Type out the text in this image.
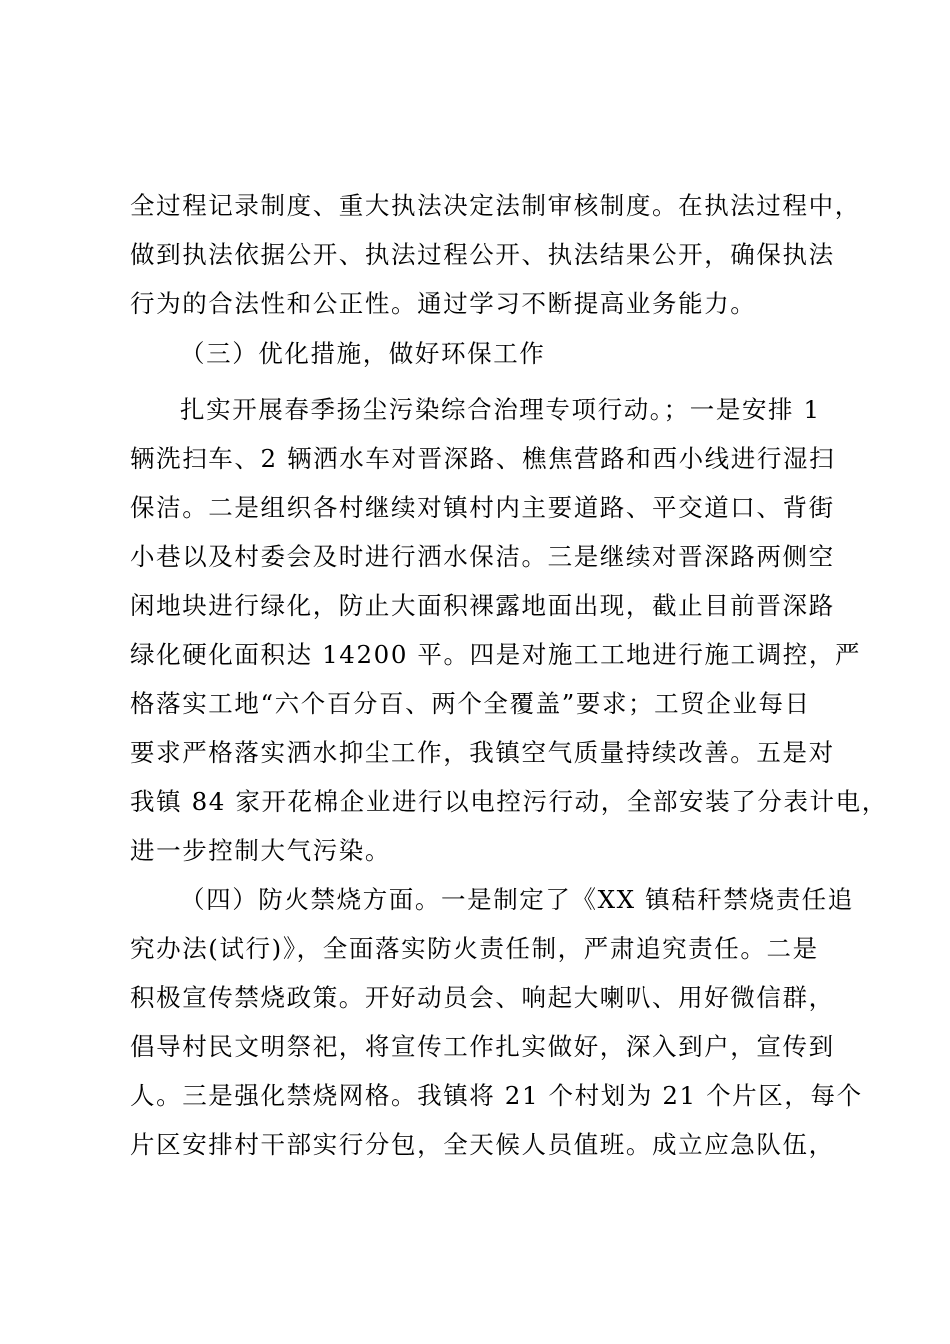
全过程记录制度、重大执法决定法制审核制度。在执法过程中，
做到执法依据公开、执法过程公开、执法结果公开，确保执法
行为的合法性和公正性。通过学习不断提高业务能力。
（三）优化措施，做好环保工作
扎实开展春季扬尘污染综合治理专项行动。；一是安排 1
辆洗扫车、2 辆洒水车对晋深路、樵焦营路和西小线进行湿扫
保洁。二是组织各村继续对镇村内主要道路、平交道口、背街
小巷以及村委会及时进行洒水保洁。三是继续对晋深路两侧空
闲地块进行绿化，防止大面积裸露地面出现，截止目前晋深路
绿化硬化面积达 14200 平。四是对施工工地进行施工调控，严
格落实工地“六个百分百、两个全覆盖”要求；工贸企业每日
要求严格落实洒水抑尘工作，我镇空气质量持续改善。五是对
我镇 84 家开花棉企业进行以电控污行动，全部安装了分表计电，
进一步控制大气污染。
（四）防火禁烧方面。一是制定了《XX 镇秸秆禁烧责任追
究办法(试行)》，全面落实防火责任制，严肃追究责任。二是
积极宣传禁烧政策。开好动员会、响起大喇叭、用好微信群，
倡导村民文明祭祀，将宣传工作扎实做好，深入到户，宣传到
人。三是强化禁烧网格。我镇将 21 个村划为 21 个片区，每个
片区安排村干部实行分包，全天候人员值班。成立应急队伍，
